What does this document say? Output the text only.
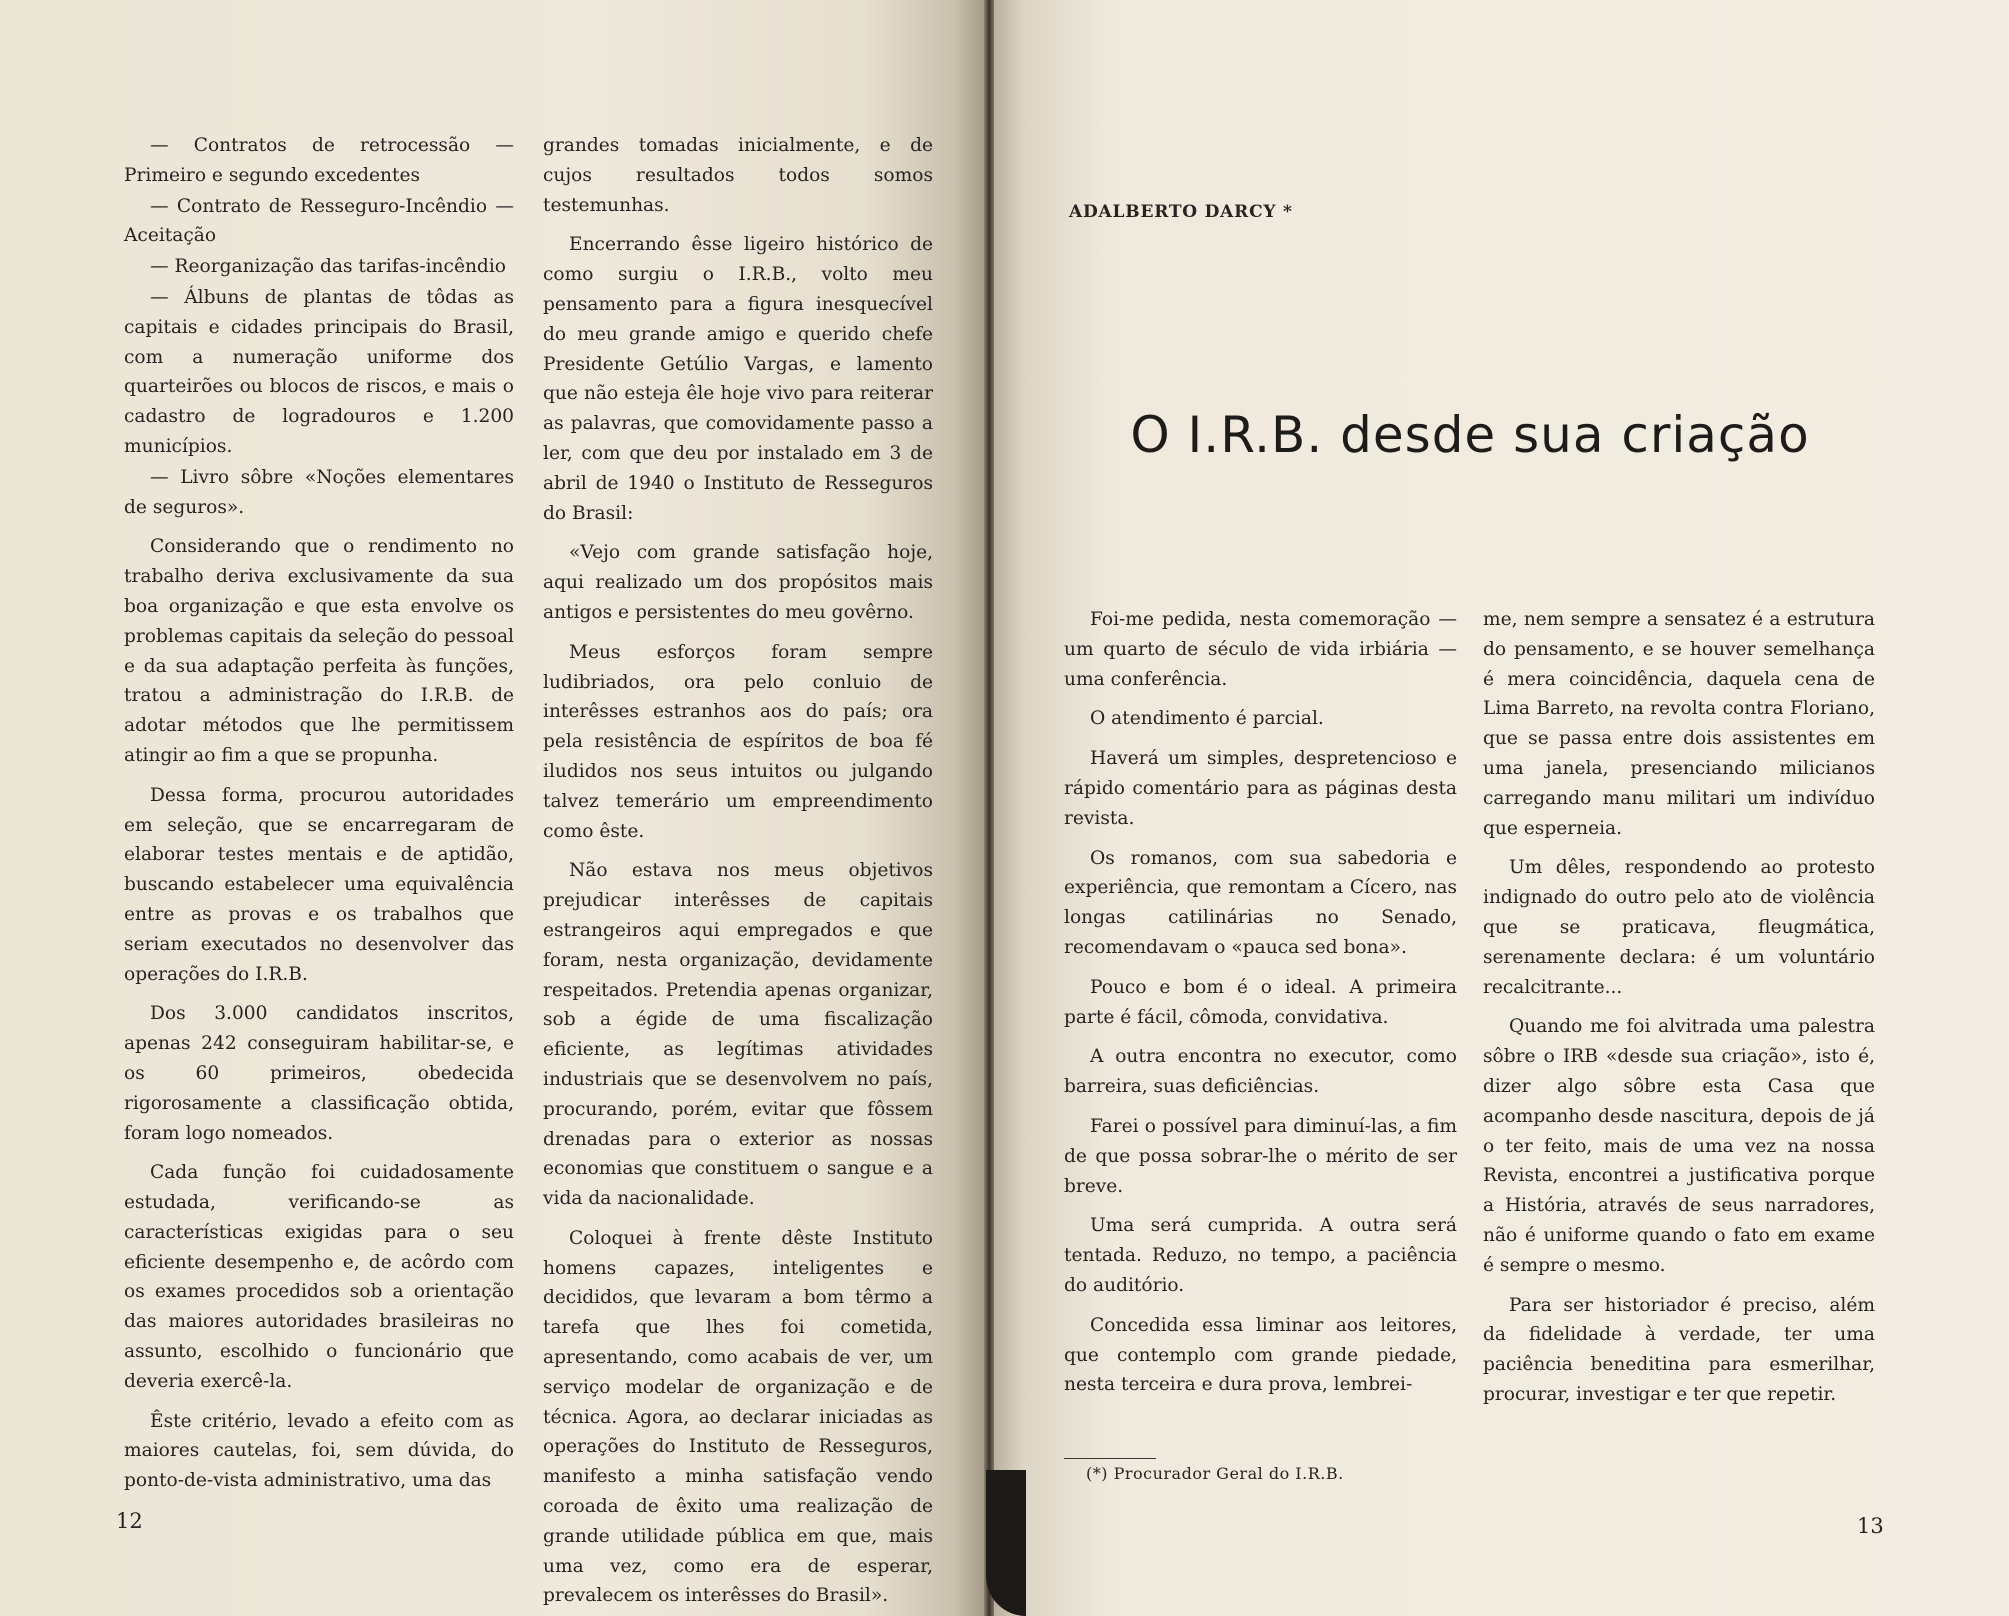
— Contratos de retrocessão — Primeiro e segundo excedentes

— Contrato de Resseguro-Incêndio — Aceitação

— Reorganização das tarifas-incêndio

— Álbuns de plantas de tôdas as capitais e cidades principais do Brasil, com a numeração uniforme dos quarteirões ou blocos de riscos, e mais o cadastro de logradouros e 1.200 municípios.

— Livro sôbre «Noções elementares de seguros».

Considerando que o rendimento no trabalho deriva exclusivamente da sua boa organização e que esta envolve os problemas capitais da seleção do pessoal e da sua adaptação perfeita às funções, tratou a administração do I.R.B. de adotar métodos que lhe permitissem atingir ao fim a que se propunha.

Dessa forma, procurou autoridades em seleção, que se encarregaram de elaborar testes mentais e de aptidão, buscando estabelecer uma equivalência entre as provas e os trabalhos que seriam executados no desenvolver das operações do I.R.B.

Dos 3.000 candidatos inscritos, apenas 242 conseguiram habilitar-se, e os 60 primeiros, obedecida rigorosamente a classificação obtida, foram logo nomeados.

Cada função foi cuidadosamente estudada, verificando-se as características exigidas para o seu eficiente desempenho e, de acôrdo com os exames procedidos sob a orientação das maiores autoridades brasileiras no assunto, escolhido o funcionário que deveria exercê-la.

Êste critério, levado a efeito com as maiores cautelas, foi, sem dúvida, do ponto-de-vista administrativo, uma das

grandes tomadas inicialmente, e de cujos resultados todos somos testemunhas.

Encerrando êsse ligeiro histórico de como surgiu o I.R.B., volto meu pensamento para a figura inesquecível do meu grande amigo e querido chefe Presidente Getúlio Vargas, e lamento que não esteja êle hoje vivo para reiterar as palavras, que comovidamente passo a ler, com que deu por instalado em 3 de abril de 1940 o Instituto de Resseguros do Brasil:

«Vejo com grande satisfação hoje, aqui realizado um dos propósitos mais antigos e persistentes do meu govêrno.

Meus esforços foram sempre ludibriados, ora pelo conluio de interêsses estranhos aos do país; ora pela resistência de espíritos de boa fé iludidos nos seus intuitos ou julgando talvez temerário um empreendimento como êste.

Não estava nos meus objetivos prejudicar interêsses de capitais estrangeiros aqui empregados e que foram, nesta organização, devidamente respeitados. Pretendia apenas organizar, sob a égide de uma fiscalização eficiente, as legítimas atividades industriais que se desenvolvem no país, procurando, porém, evitar que fôssem drenadas para o exterior as nossas economias que constituem o sangue e a vida da nacionalidade.

Coloquei à frente dêste Instituto homens capazes, inteligentes e decididos, que levaram a bom têrmo a tarefa que lhes foi cometida, apresentando, como acabais de ver, um serviço modelar de organização e de técnica. Agora, ao declarar iniciadas as operações do Instituto de Resseguros, manifesto a minha satisfação vendo coroada de êxito uma realização de grande utilidade pública em que, mais uma vez, como era de esperar, prevalecem os interêsses do Brasil».

12
ADALBERTO DARCY *
O I.R.B. desde sua criação

Foi-me pedida, nesta comemoração — um quarto de século de vida irbiária — uma conferência.

O atendimento é parcial.

Haverá um simples, despretencioso e rápido comentário para as páginas desta revista.

Os romanos, com sua sabedoria e experiência, que remontam a Cícero, nas longas catilinárias no Senado, recomendavam o «pauca sed bona».

Pouco e bom é o ideal. A primeira parte é fácil, cômoda, convidativa.

A outra encontra no executor, como barreira, suas deficiências.

Farei o possível para diminuí-las, a fim de que possa sobrar-lhe o mérito de ser breve.

Uma será cumprida. A outra será tentada. Reduzo, no tempo, a paciência do auditório.

Concedida essa liminar aos leitores, que contemplo com grande piedade, nesta terceira e dura prova, lembrei-

me, nem sempre a sensatez é a estrutura do pensamento, e se houver semelhança é mera coincidência, daquela cena de Lima Barreto, na revolta contra Floriano, que se passa entre dois assistentes em uma janela, presenciando milicianos carregando manu militari um indivíduo que esperneia.

Um dêles, respondendo ao protesto indignado do outro pelo ato de violência que se praticava, fleugmática, serenamente declara: é um voluntário recalcitrante...

Quando me foi alvitrada uma palestra sôbre o IRB «desde sua criação», isto é, dizer algo sôbre esta Casa que acompanho desde nascitura, depois de já o ter feito, mais de uma vez na nossa Revista, encontrei a justificativa porque a História, através de seus narradores, não é uniforme quando o fato em exame é sempre o mesmo.

Para ser historiador é preciso, além da fidelidade à verdade, ter uma paciência beneditina para esmerilhar, procurar, investigar e ter que repetir.

(*) Procurador Geral do I.R.B.
13
